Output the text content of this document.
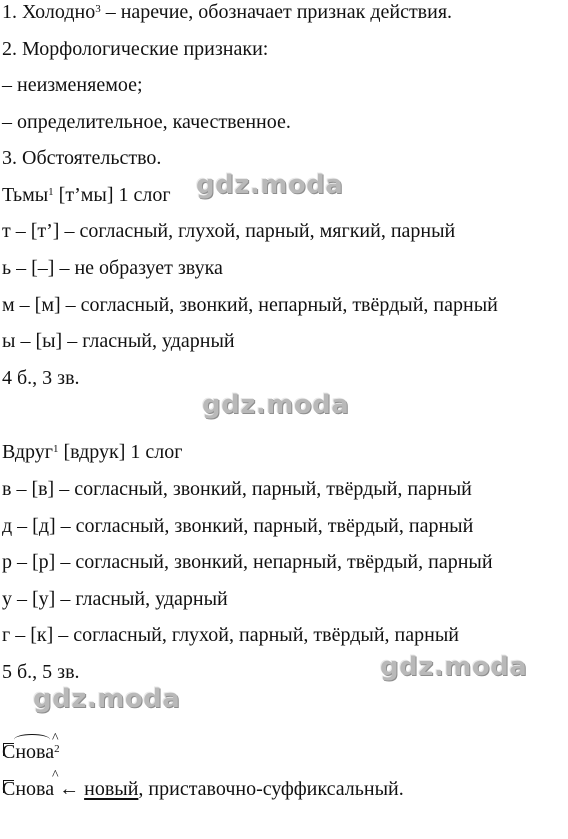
1. Холодно$^3$ – наречие, обозначает признак действия.
2. Морфологические признаки:
– неизменяемое;
– определительное, качественное.
3. Обстоятельство.
Тьмы$^1$ [т’мы] 1 слог
т – [т’] – согласный, глухой, парный, мягкий, парный
ь – [–] – не образует звука
м – [м] – согласный, звонкий, непарный, твёрдый, парный
ы – [ы] – гласный, ударный
4 б., 3 зв.
Вдруг$^1$ [вдрук] 1 слог
в – [в] – согласный, звонкий, парный, твёрдый, парный
д – [д] – согласный, звонкий, парный, твёрдый, парный
р – [р] – согласный, звонкий, непарный, твёрдый, парный
у – [у] – гласный, ударный
г – [к] – согласный, глухой, парный, твёрдый, парный
5 б., 5 зв.
^
Снова$^2$
^
Снова ← новый, приставочно-суффиксальный.
gdz.moda
gdz.moda
gdz.moda
gdz.moda
